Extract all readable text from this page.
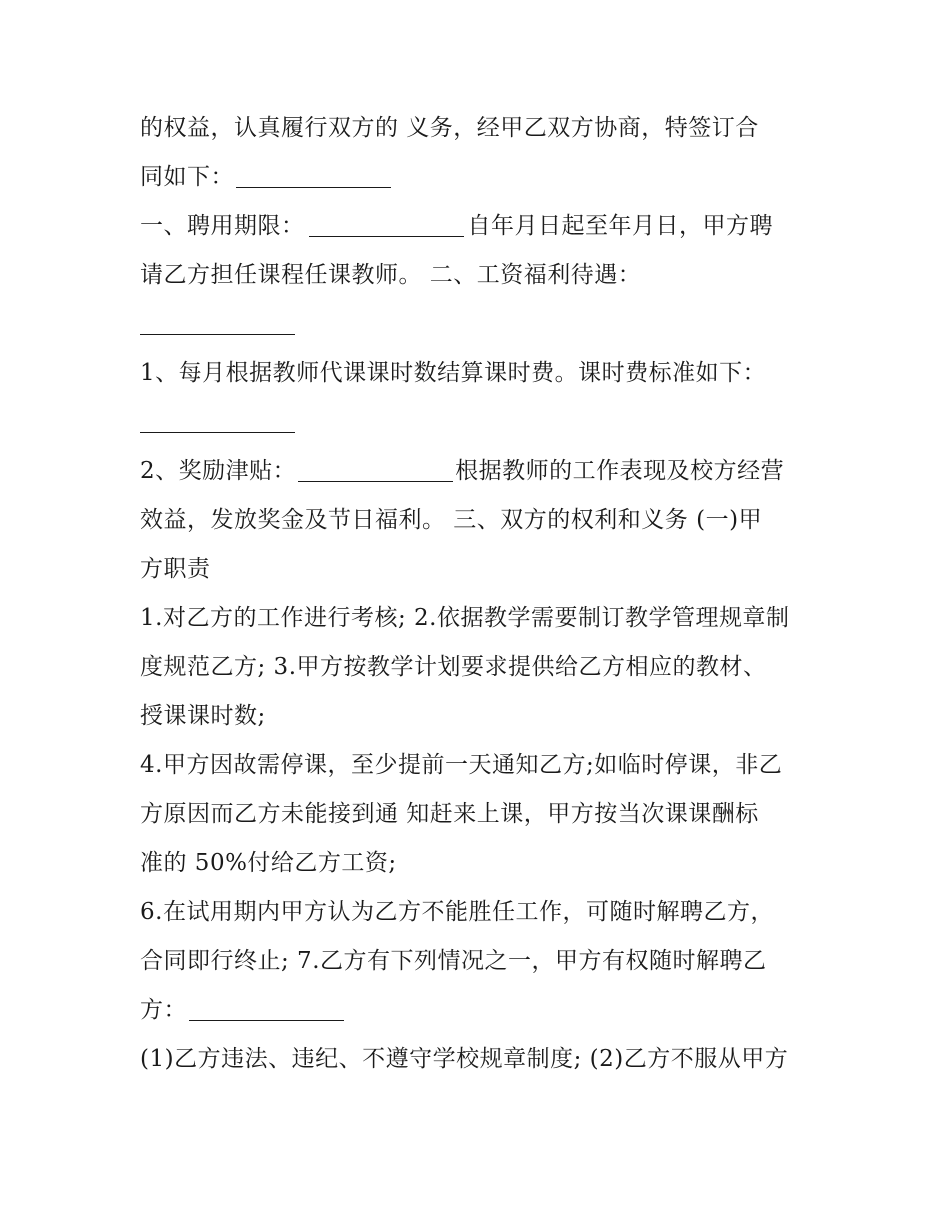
的权益，认真履行双方的 义务，经甲乙双方协商，特签订合

同如下：

一、聘用期限：	自年月日起至年月日，甲方聘

请乙方担任课程任课教师。 二、工资福利待遇：

1、每月根据教师代课课时数结算课时费。课时费标准如下：

2、奖励津贴：	根据教师的工作表现及校方经营

效益，发放奖金及节日福利。 三、双方的权利和义务 (一)甲

方职责

1.对乙方的工作进行考核; 2.依据教学需要制订教学管理规章制

度规范乙方; 3.甲方按教学计划要求提供给乙方相应的教材、

授课课时数;

4.甲方因故需停课，至少提前一天通知乙方;如临时停课，非乙

方原因而乙方未能接到通 知赶来上课，甲方按当次课课酬标

准的 50%付给乙方工资;

6.在试用期内甲方认为乙方不能胜任工作，可随时解聘乙方，

合同即行终止; 7.乙方有下列情况之一，甲方有权随时解聘乙

方：

(1)乙方违法、违纪、不遵守学校规章制度; (2)乙方不服从甲方
